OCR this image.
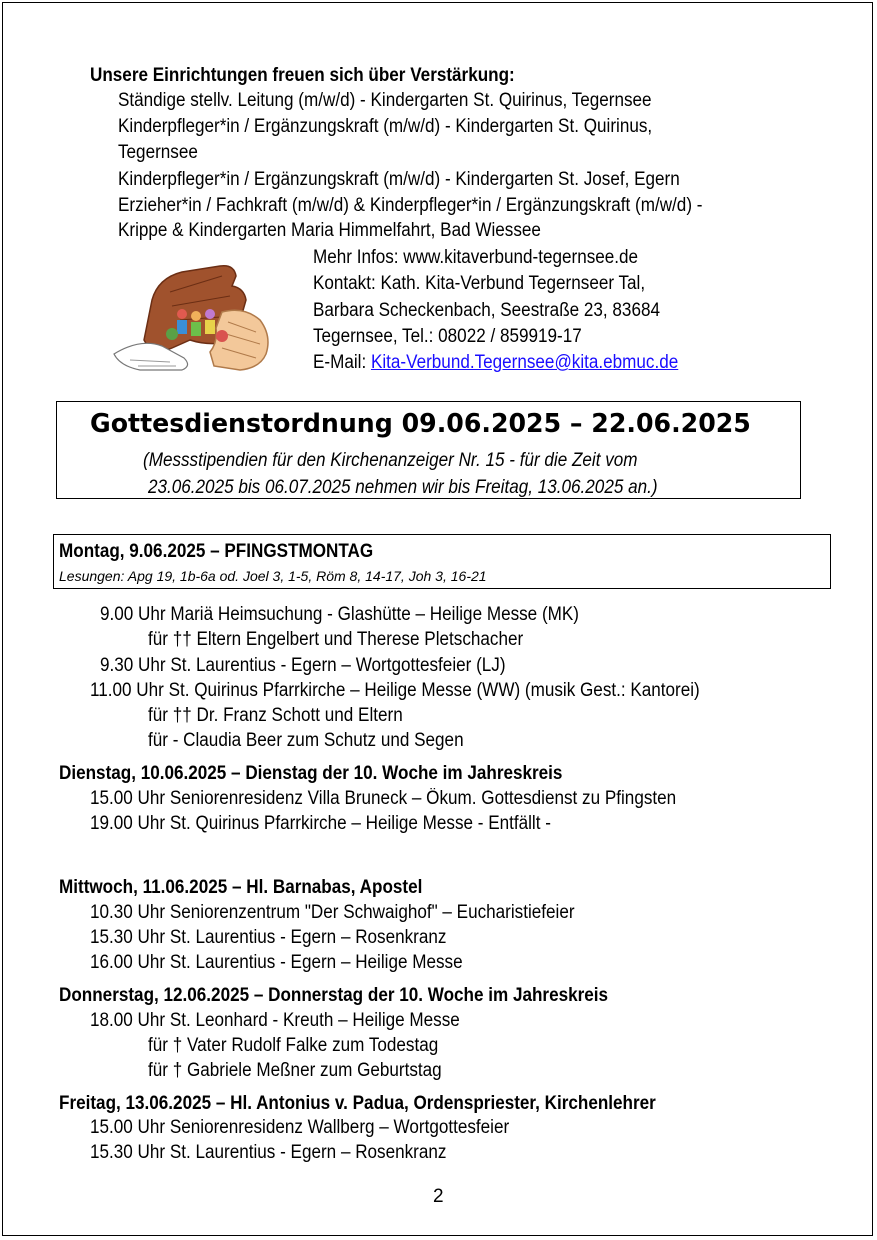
Unsere Einrichtungen freuen sich über Verstärkung:
Ständige stellv. Leitung (m/w/d) - Kindergarten St. Quirinus, Tegernsee
Kinderpfleger*in / Ergänzungskraft (m/w/d) - Kindergarten St. Quirinus,
Tegernsee
Kinderpfleger*in / Ergänzungskraft (m/w/d) - Kindergarten St. Josef, Egern
Erzieher*in / Fachkraft (m/w/d) & Kinderpfleger*in / Ergänzungskraft (m/w/d) -
Krippe & Kindergarten Maria Himmelfahrt, Bad Wiessee
Mehr Infos: www.kitaverbund-tegernsee.de
Kontakt: Kath. Kita-Verbund Tegernseer Tal,
Barbara Scheckenbach, Seestraße 23, 83684
Tegernsee, Tel.: 08022 / 859919-17
E-Mail: Kita-Verbund.Tegernsee@kita.ebmuc.de
Gottesdienstordnung 09.06.2025 – 22.06.2025
(Messstipendien für den Kirchenanzeiger Nr. 15 - für die Zeit vom
23.06.2025 bis 06.07.2025 nehmen wir bis Freitag, 13.06.2025 an.)
Montag, 9.06.2025 – PFINGSTMONTAG
Lesungen: Apg 19, 1b-6a od. Joel 3, 1-5, Röm 8, 14-17, Joh 3, 16-21
9.00 Uhr Mariä Heimsuchung - Glashütte – Heilige Messe (MK)
für †† Eltern Engelbert und Therese Pletschacher
9.30 Uhr St. Laurentius - Egern – Wortgottesfeier (LJ)
11.00 Uhr St. Quirinus Pfarrkirche – Heilige Messe (WW) (musik Gest.: Kantorei)
für †† Dr. Franz Schott und Eltern
für - Claudia Beer zum Schutz und Segen
Dienstag, 10.06.2025 – Dienstag der 10. Woche im Jahreskreis
15.00 Uhr Seniorenresidenz Villa Bruneck – Ökum. Gottesdienst zu Pfingsten
19.00 Uhr St. Quirinus Pfarrkirche – Heilige Messe - Entfällt -
Mittwoch, 11.06.2025 – Hl. Barnabas, Apostel
10.30 Uhr Seniorenzentrum "Der Schwaighof" – Eucharistiefeier
15.30 Uhr St. Laurentius - Egern – Rosenkranz
16.00 Uhr St. Laurentius - Egern – Heilige Messe
Donnerstag, 12.06.2025 – Donnerstag der 10. Woche im Jahreskreis
18.00 Uhr St. Leonhard - Kreuth – Heilige Messe
für † Vater Rudolf Falke zum Todestag
für † Gabriele Meßner zum Geburtstag
Freitag, 13.06.2025 – Hl. Antonius v. Padua, Ordenspriester, Kirchenlehrer
15.00 Uhr Seniorenresidenz Wallberg – Wortgottesfeier
15.30 Uhr St. Laurentius - Egern – Rosenkranz
2
